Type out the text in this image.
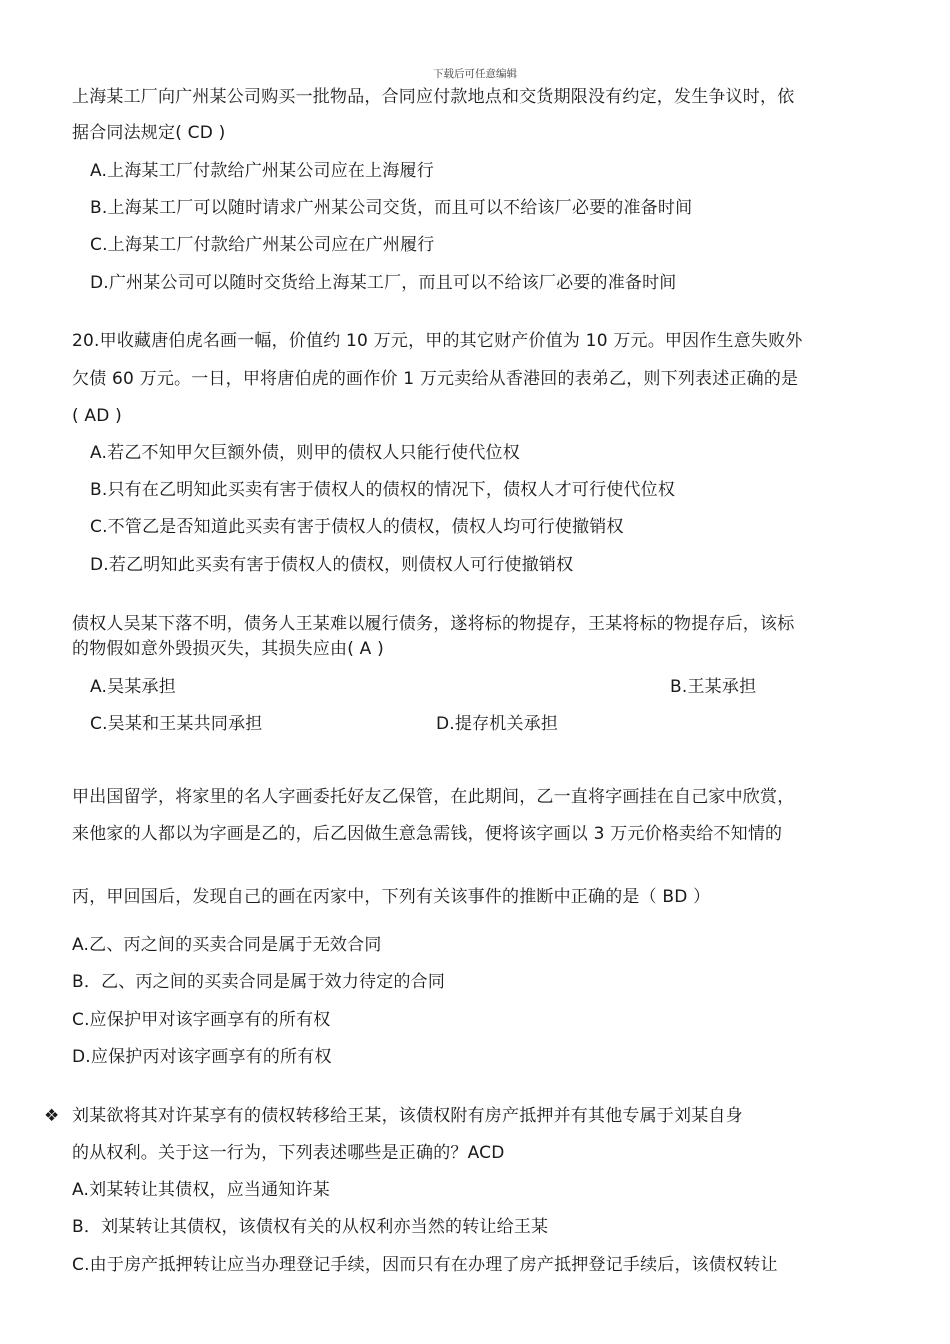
下载后可任意编辑
上海某工厂向广州某公司购买一批物品，合同应付款地点和交货期限没有约定，发生争议时，依
据合同法规定( CD )
A.上海某工厂付款给广州某公司应在上海履行
B.上海某工厂可以随时请求广州某公司交货，而且可以不给该厂必要的准备时间
C.上海某工厂付款给广州某公司应在广州履行
D.广州某公司可以随时交货给上海某工厂，而且可以不给该厂必要的准备时间
20.甲收藏唐伯虎名画一幅，价值约 10 万元，甲的其它财产价值为 10 万元。甲因作生意失败外
欠债 60 万元。一日，甲将唐伯虎的画作价 1 万元卖给从香港回的表弟乙，则下列表述正确的是
( AD )
A.若乙不知甲欠巨额外债，则甲的债权人只能行使代位权
B.只有在乙明知此买卖有害于债权人的债权的情况下，债权人才可行使代位权
C.不管乙是否知道此买卖有害于债权人的债权，债权人均可行使撤销权
D.若乙明知此买卖有害于债权人的债权，则债权人可行使撤销权
债权人吴某下落不明，债务人王某难以履行债务，遂将标的物提存，王某将标的物提存后，该标
的物假如意外毁损灭失，其损失应由( A )
A.吴某承担	B.王某承担
C.吴某和王某共同承担	D.提存机关承担
甲出国留学，将家里的名人字画委托好友乙保管，在此期间，乙一直将字画挂在自己家中欣赏，
来他家的人都以为字画是乙的，后乙因做生意急需钱，便将该字画以 3 万元价格卖给不知情的
丙，甲回国后，发现自己的画在丙家中，下列有关该事件的推断中正确的是（ BD ）
A.乙、丙之间的买卖合同是属于无效合同
B．乙、丙之间的买卖合同是属于效力待定的合同
C.应保护甲对该字画享有的所有权
D.应保护丙对该字画享有的所有权
刘某欲将其对许某享有的债权转移给王某，该债权附有房产抵押并有其他专属于刘某自身
的从权利。关于这一行为，下列表述哪些是正确的？ACD
A.刘某转让其债权，应当通知许某
B．刘某转让其债权，该债权有关的从权利亦当然的转让给王某
C.由于房产抵押转让应当办理登记手续，因而只有在办理了房产抵押登记手续后，该债权转让
❖
